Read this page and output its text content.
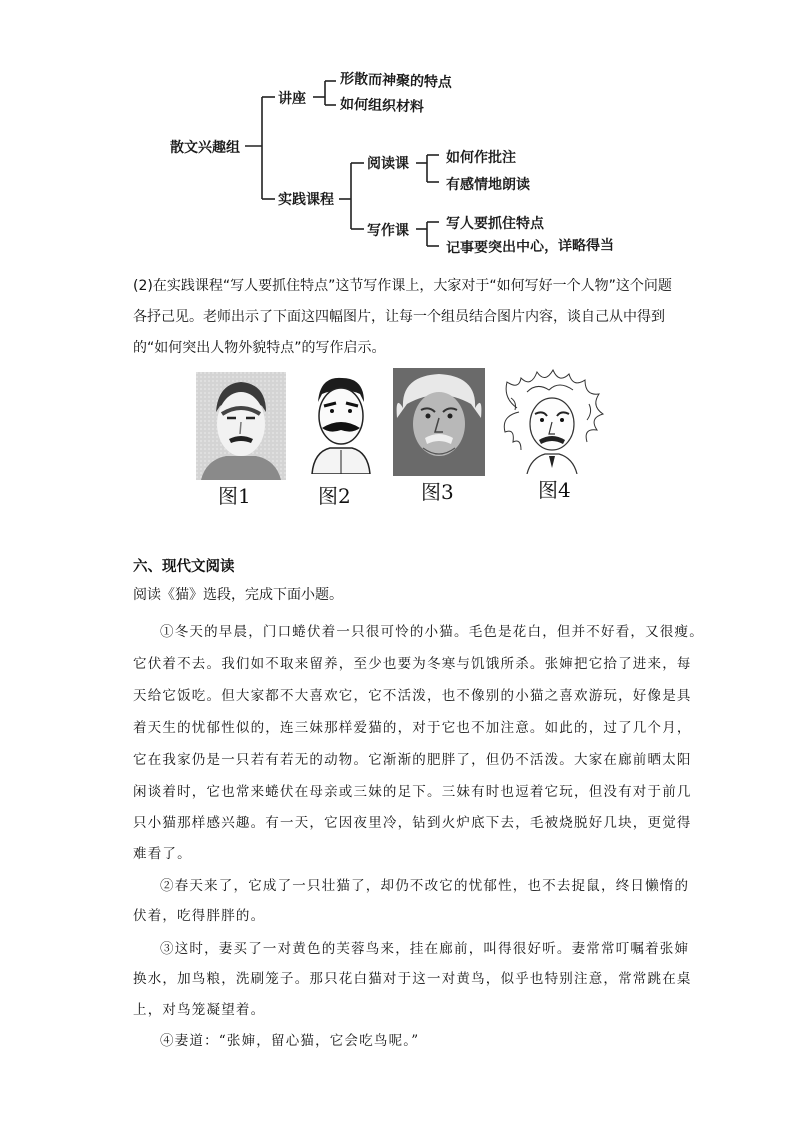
散文兴趣组
讲座
形散而神聚的特点
如何组织材料
实践课程
阅读课	如何作批注
有感情地朗读
写作课	写人要抓住特点
记事要突出中心，详略得当
(2)在实践课程“写人要抓住特点”这节写作课上，大家对于“如何写好一个人物”这个问题
各抒己见。老师出示了下面这四幅图片，让每一个组员结合图片内容，谈自己从中得到
的“如何突出人物外貌特点”的写作启示。
图1	图2	图3	图4
六、现代文阅读
阅读《猫》选段，完成下面小题。
①冬天的早晨，门口蜷伏着一只很可怜的小猫。毛色是花白，但并不好看，又很瘦。
它伏着不去。我们如不取来留养，至少也要为冬寒与饥饿所杀。张婶把它拾了进来，每
天给它饭吃。但大家都不大喜欢它，它不活泼，也不像别的小猫之喜欢游玩，好像是具
着天生的忧郁性似的，连三妹那样爱猫的，对于它也不加注意。如此的，过了几个月，
它在我家仍是一只若有若无的动物。它渐渐的肥胖了，但仍不活泼。大家在廊前晒太阳
闲谈着时，它也常来蜷伏在母亲或三妹的足下。三妹有时也逗着它玩，但没有对于前几
只小猫那样感兴趣。有一天，它因夜里冷，钻到火炉底下去，毛被烧脱好几块，更觉得
难看了。
②春天来了，它成了一只壮猫了，却仍不改它的忧郁性，也不去捉鼠，终日懒惰的
伏着，吃得胖胖的。
③这时，妻买了一对黄色的芙蓉鸟来，挂在廊前，叫得很好听。妻常常叮嘱着张婶
换水，加鸟粮，洗刷笼子。那只花白猫对于这一对黄鸟，似乎也特别注意，常常跳在桌
上，对鸟笼凝望着。
④妻道：“张婶，留心猫，它会吃鸟呢。”
